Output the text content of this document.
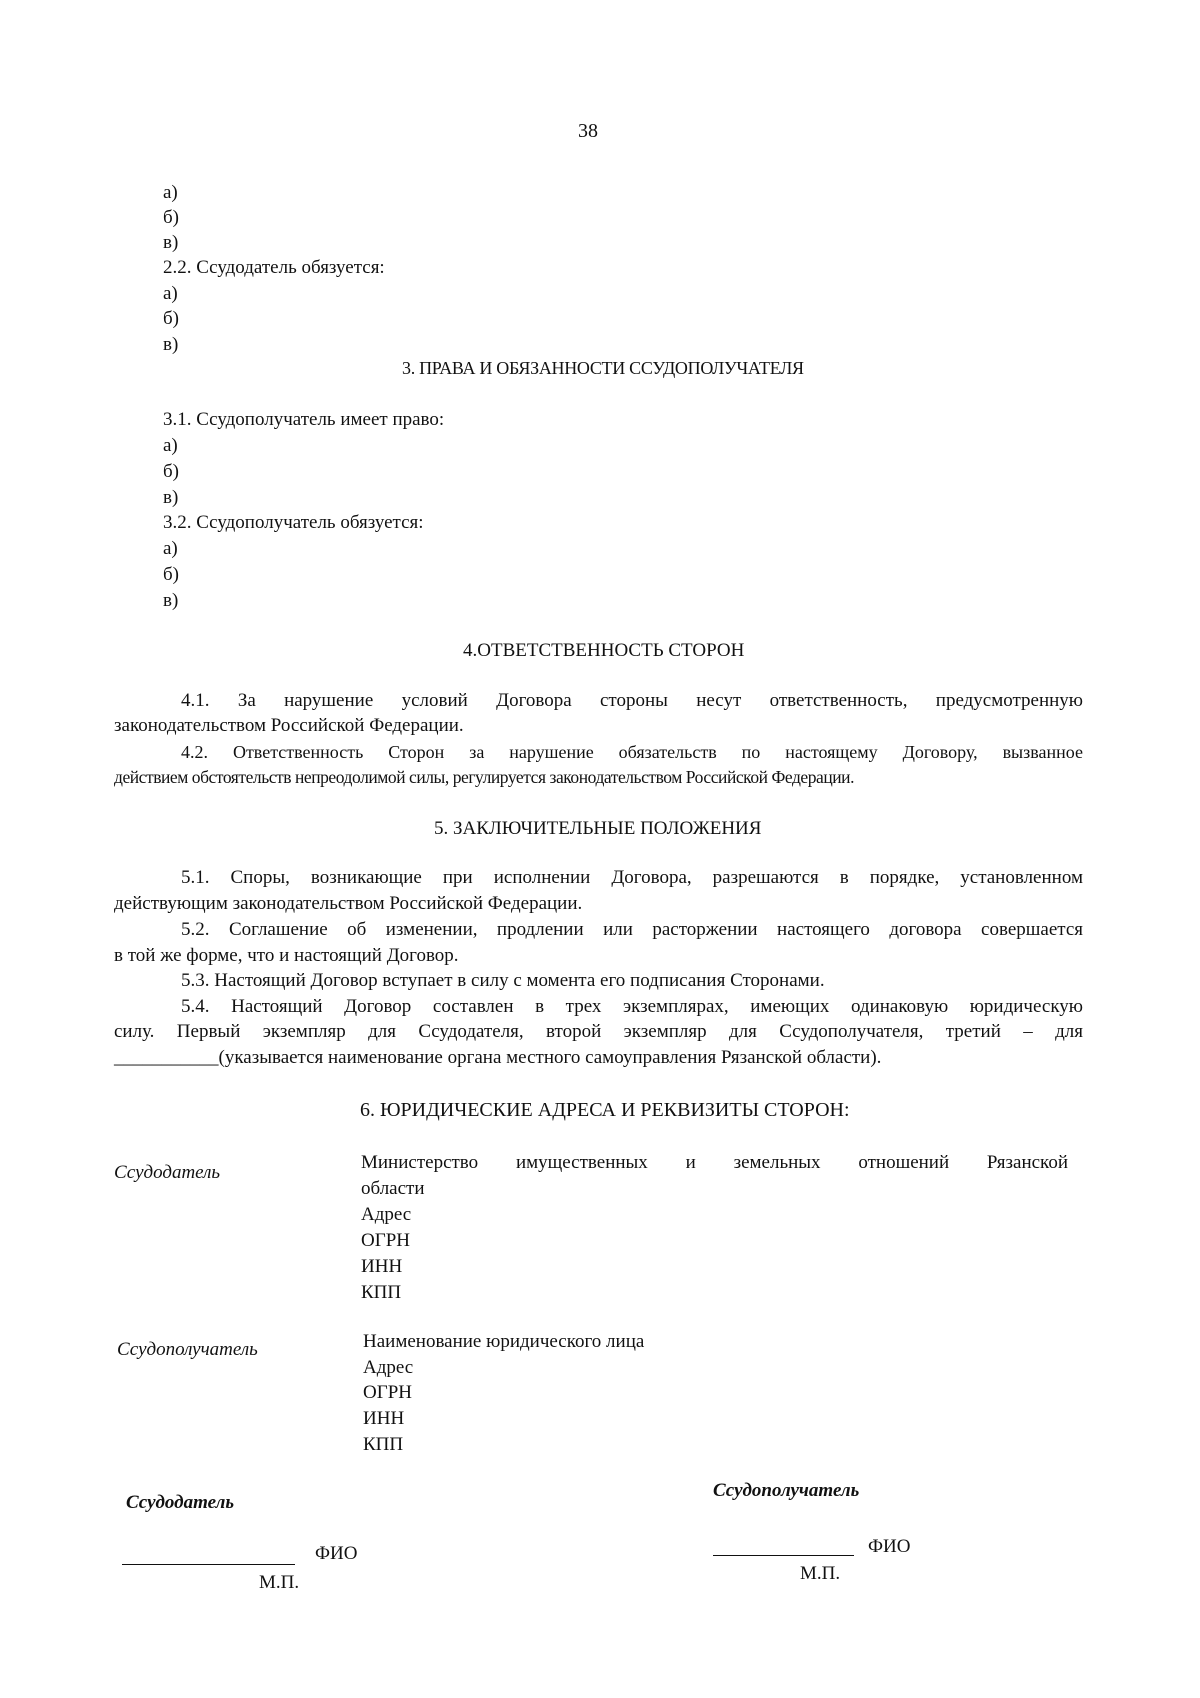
38
а)
б)
в)
2.2. Ссудодатель обязуется:
а)
б)
в)
3. ПРАВА И ОБЯЗАННОСТИ ССУДОПОЛУЧАТЕЛЯ
3.1. Ссудополучатель имеет право:
а)
б)
в)
3.2. Ссудополучатель обязуется:
а)
б)
в)
4.ОТВЕТСТВЕННОСТЬ СТОРОН
4.1. За нарушение условий Договора стороны несут ответственность, предусмотренную
законодательством Российской Федерации.
4.2. Ответственность Сторон за нарушение обязательств по настоящему Договору, вызванное
действием обстоятельств непреодолимой силы, регулируется законодательством Российской Федерации.
5. ЗАКЛЮЧИТЕЛЬНЫЕ ПОЛОЖЕНИЯ
5.1. Споры, возникающие при исполнении Договора, разрешаются в порядке, установленном
действующим законодательством Российской Федерации.
5.2. Соглашение об изменении, продлении или расторжении настоящего договора совершается
в той же форме, что и настоящий Договор.
5.3. Настоящий Договор вступает в силу с момента его подписания Сторонами.
5.4. Настоящий Договор составлен в трех экземплярах, имеющих одинаковую юридическую
силу. Первый экземпляр для Ссудодателя, второй экземпляр для Ссудополучателя, третий – для
___________(указывается наименование органа местного самоуправления Рязанской области).
6. ЮРИДИЧЕСКИЕ АДРЕСА И РЕКВИЗИТЫ СТОРОН:
Ссудодатель	Министерство имущественных и земельных отношений Рязанской
области
Адрес
ОГРН
ИНН
КПП
Ссудополучатель	Наименование юридического лица
Адрес
ОГРН
ИНН
КПП
Ссудодатель
ФИО
М.П.
Ссудополучатель
ФИО
М.П.
